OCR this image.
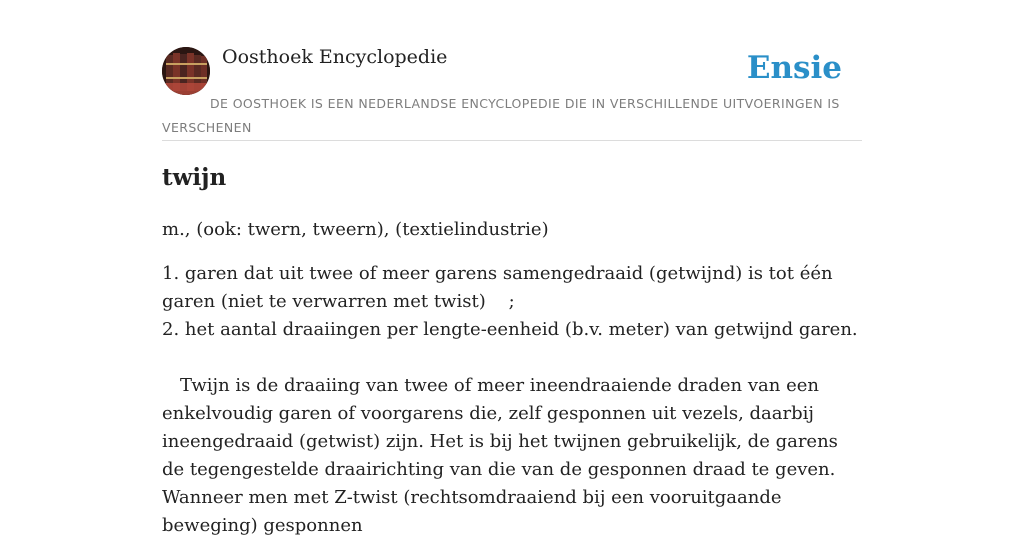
Oosthoek Encyclopedie	Ensie
DE OOSTHOEK IS EEN NEDERLANDSE ENCYCLOPEDIE DIE IN VERSCHILLENDE UITVOERINGEN IS VERSCHENEN
twijn
m., (ook: twern, tweern), (textielindustrie)
1. garen dat uit twee of meer garens samengedraaid (getwijnd) is tot één garen (niet te verwarren met twist)    ;
2. het aantal draaiingen per lengte-eenheid (b.v. meter) van getwijnd garen.
Twijn is de draaiing van twee of meer ineendraaiende draden van een enkelvoudig garen of voorgarens die, zelf gesponnen uit vezels, daarbij ineengedraaid (getwist) zijn. Het is bij het twijnen gebruikelijk, de garens de tegengestelde draairichting van die van de gesponnen draad te geven. Wanneer men met Z-twist (rechtsomdraaiend bij een vooruitgaande beweging) gesponnen
